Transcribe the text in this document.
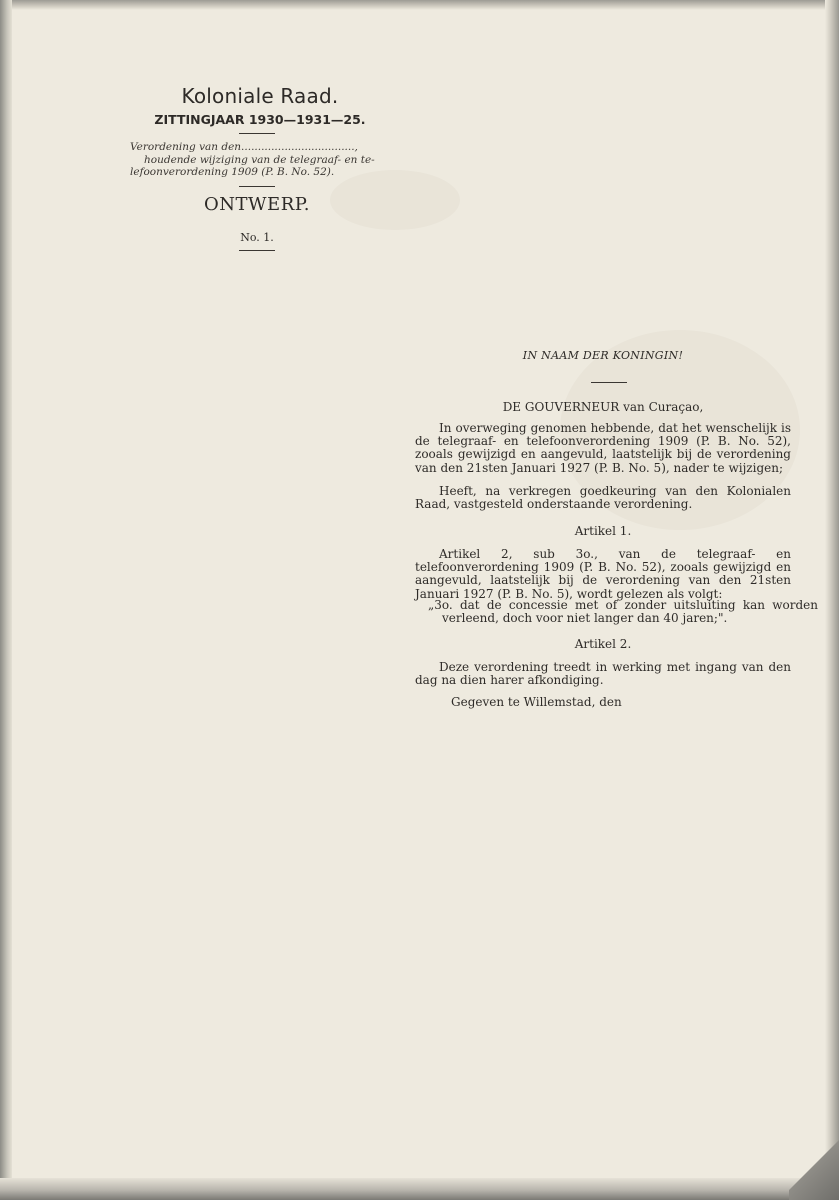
Koloniale Raad.
ZITTINGJAAR 1930—1931—25.
Verordening van den..................................,
houdende wijziging van de telegraaf- en te-
lefoonverordening 1909 (P. B. No. 52).
ONTWERP.
No. 1.
IN NAAM DER KONINGIN!
DE GOUVERNEUR van Curaçao,
In overweging genomen hebbende, dat het wenschelijk is de telegraaf- en telefoonverordening 1909 (P. B. No. 52), zooals gewijzigd en aangevuld, laatstelijk bij de verordening van den 21sten Januari 1927 (P. B. No. 5), nader te wijzigen;
Heeft, na verkregen goedkeuring van den Kolonialen Raad, vastgesteld onderstaande verordening.
Artikel 1.
Artikel 2, sub 3o., van de telegraaf- en telefoonverordening 1909 (P. B. No. 52), zooals gewijzigd en aangevuld, laatstelijk bij de verordening van den 21sten Januari 1927 (P. B. No. 5), wordt gelezen als volgt:
„3o. dat de concessie met of zonder uitsluiting kan worden verleend, doch voor niet langer dan 40 jaren;".
Artikel 2.
Deze verordening treedt in werking met ingang van den dag na dien harer afkondiging.
Gegeven te Willemstad, den
